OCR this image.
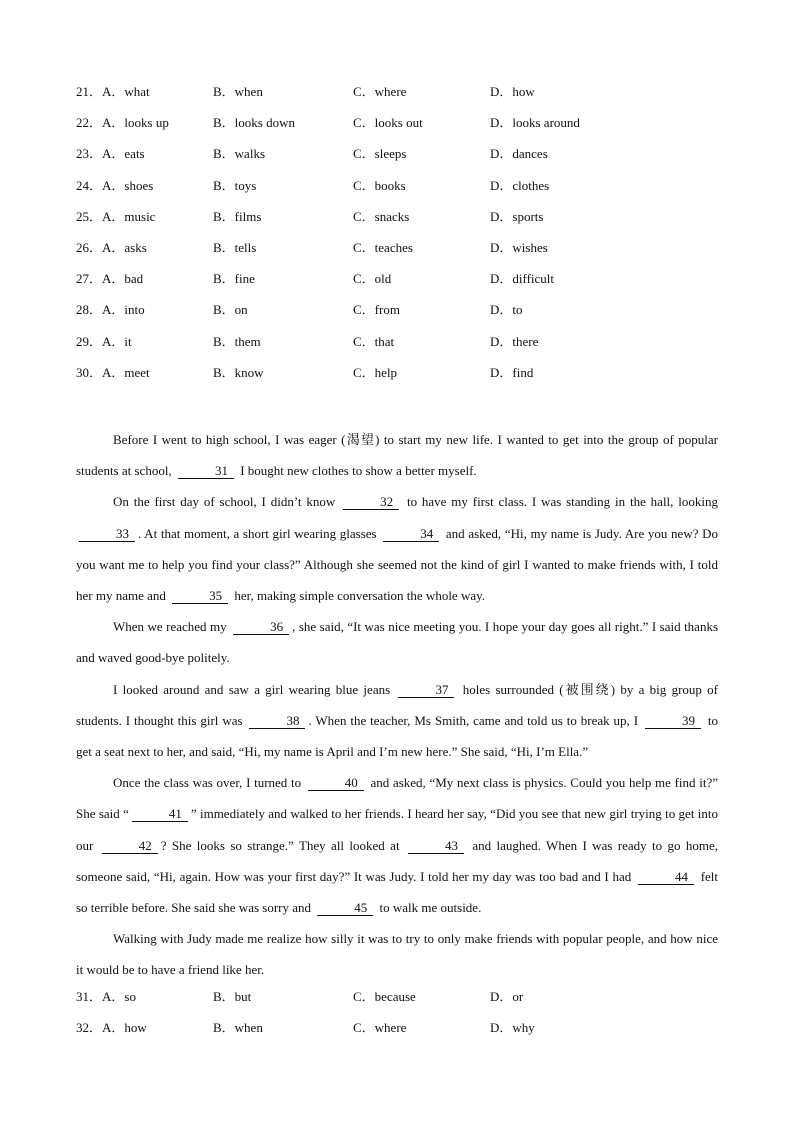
21．A．what	B．when	C．where	D．how
22．A．looks up	B．looks down	C．looks out	D．looks around
23．A．eats	B．walks	C．sleeps	D．dances
24．A．shoes	B．toys	C．books	D．clothes
25．A．music	B．films	C．snacks	D．sports
26．A．asks	B．tells	C．teaches	D．wishes
27．A．bad	B．fine	C．old	D．difficult
28．A．into	B．on	C．from	D．to
29．A．it	B．them	C．that	D．there
30．A．meet	B．know	C．help	D．find

Before I went to high school, I was eager (渴望) to start my new life. I wanted to get into the group of popular students at school,	31 I bought new clothes to show a better myself.

On the first day of school, I didn’t know	32 to have my first class. I was standing in the hall, looking 33 . At that moment, a short girl wearing glasses	34 and asked, “Hi, my name is Judy. Are you new? Do you want me to help you find your class?” Although she seemed not the kind of girl I wanted to make friends with, I told her my name and	35 her, making simple conversation the whole way.

When we reached my	36 , she said, “It was nice meeting you. I hope your day goes all right.” I said thanks and waved good-bye politely.

I looked around and saw a girl wearing blue jeans	37 holes surrounded (被围绕) by a big group of students. I thought this girl was	38 . When the teacher, Ms Smith, came and told us to break up, I	39 to get a seat next to her, and said, “Hi, my name is April and I’m new here.” She said, “Hi, I’m Ella.”

Once the class was over, I turned to	40 and asked, “My next class is physics. Could you help me find it?” She said “	41 ” immediately and walked to her friends. I heard her say, “Did you see that new girl trying to get into our	42 ? She looks so strange.” They all looked at	43 and laughed. When I was ready to go home, someone said, “Hi, again. How was your first day?” It was Judy. I told her my day was too bad and I had	44 felt so terrible before. She said she was sorry and	45 to walk me outside.

Walking with Judy made me realize how silly it was to try to only make friends with popular people, and how nice it would be to have a friend like her.

31．A．so	B．but	C．because	D．or
32．A．how	B．when	C．where	D．why
